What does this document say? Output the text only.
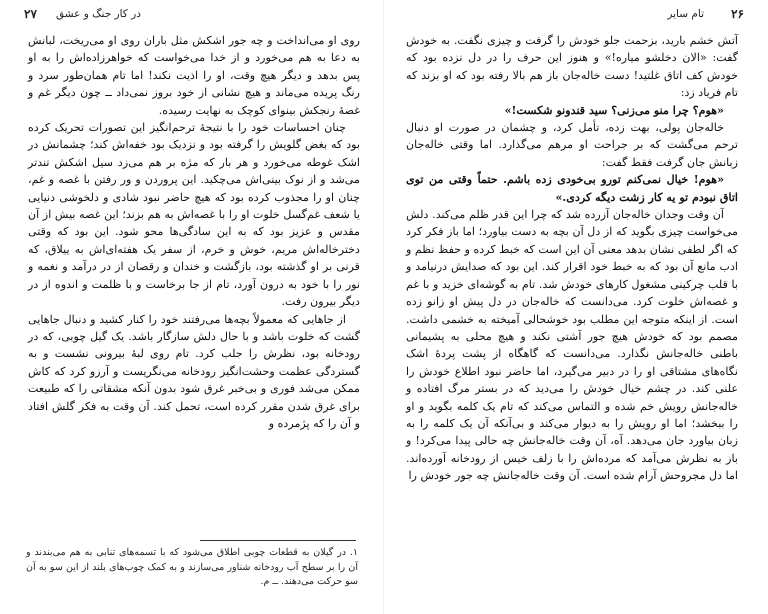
۲۷ در کار جنگ و عشق

روی او می‌انداخت و چه جور اشکش مثل باران روی او می‌ریخت، لبانش به دعا به هم می‌خورد و از خدا می‌خواست که خواهرزاده‌اش را به او پس بدهد و دیگر هیچ وقت، او را اذیت نکند! اما تام همان‌طور سرد و رنگ پریده می‌ماند و هیچ نشانی از خود بروز نمی‌داد ــ چون دیگر غم و غصهٔ رنجکش بینوای کوچک به نهایت رسیده.

چنان احساسات خود را با نتیجهٔ ترحم‌انگیز این تصورات تحریک کرده بود که بغض گلویش را گرفته بود و نزدیک بود خفه‌اش کند؛ چشمانش در اشک غوطه می‌خورد و هر بار که مژه بر هم می‌زد سیل اشکش تندتر می‌شد و از نوک بینی‌اش می‌چکید. این پروردن و ور رفتن با غصه و غم، چنان او را مجذوب کرده بود که هیچ حاضر نبود شادی و دلخوشی دنیایی یا شعف غم‌گسل خلوت او را با غصه‌اش به هم بزند؛ این غصه بیش از آن مقدس و عزیز بود که به این سادگی‌ها محو شود. این بود که وقتی دخترخاله‌اش مریم، خوش و خرم، از سفر یک هفته‌ای‌اش به ییلاق، که قرنی بر او گذشته بود، بازگشت و خندان و رقصان از در درآمد و نغمه و نور را با خود به درون آورد، تام از جا برخاست و با ظلمت و اندوه از در دیگر بیرون رفت.

از جاهایی که معمولاً بچه‌ها می‌رفتند خود را کنار کشید و دنبال جاهایی گشت که خلوت باشد و با حال دلش سازگار باشد. یک گیل چوبی، که در رودخانه بود، نظرش را جلب کرد. تام روی لبهٔ بیرونی نشست و به گستردگی عظمت وحشت‌انگیز رودخانه می‌نگریست و آرزو کرد که کاش ممکن می‌شد فوری و بی‌خبر غرق شود بدون آنکه مشقاتی را که طبیعت برای غرق شدن مقرر کرده است، تحمل کند. آن وقت به فکر گلش افتاد و آن را که پژمرده و

۱. در گیلان به قطعات چوبی اطلاق می‌شود که با تسمه‌های تنابی به هم می‌بندند و آن را بر سطح آب رودخانه شناور می‌سازند و به کمک چوب‌های بلند از این سو به آن سو حرکت می‌دهند. ــ م.
۲۶
تام سایر

آتش خشم بارید، بزحمت جلو خودش را گرفت و چیزی نگفت. به خودش گفت: «الان دخلشو میاره!» و هنوز این حرف را در دل نزده بود که خودش کف اتاق غلتید! دست خاله‌جان باز هم بالا رفته بود که او بزند که تام فریاد زد:

«هوم؟ چرا منو می‌زنی؟ سید قندونو شکست!»

خاله‌جان پولی، بهت زده، تأمل کرد، و چشمان در صورت او دنبال ترحم می‌گشت که بر جراحت او مرهم می‌گذارد. اما وقتی خاله‌جان زبانش جان گرفت فقط گفت:

«هوم! خیال نمی‌کنم تورو بی‌خودی زده باشم. حتماً وقتی من توی اتاق نبودم تو یه کار زشت دیگه کردی.»

آن وقت وجدان خاله‌جان آزرده شد که چرا این قدر ظلم می‌کند. دلش می‌خواست چیزی بگوید که از دل آن بچه به دست بیاورد؛ اما باز فکر کرد که اگر لطفی نشان بدهد معنی آن این است که خبط کرده و حفظ نظم و ادب مانع آن بود که به خبط خود اقرار کند. این بود که صدایش درنیامد و با قلب چرکینی مشغول کارهای خودش شد. تام به گوشه‌ای خزید و با غم و غصه‌اش خلوت کرد. می‌دانست که خاله‌جان در دل پیش او زانو زده است. از اینکه متوجه این مطلب بود خوشحالی آمیخته به خشمی داشت. مصمم بود که خودش هیچ جور آشتی نکند و هیچ محلی به پشیمانی باطنی خاله‌جانش نگذارد. می‌دانست که گاهگاه از پشت پردهٔ اشک نگاه‌های مشتاقی او را در دبیر می‌گیرد، اما حاضر نبود اطلاع خودش را علنی کند. در چشم خیال خودش را می‌دید که در بستر مرگ افتاده و خاله‌جانش رویش خم شده و التماس می‌کند که تام یک کلمه بگوید و او را ببخشد؛ اما او رویش را به دیوار می‌کند و بی‌آنکه آن یک کلمه را به زبان بیاورد جان می‌دهد. آه، آن وقت خاله‌جانش چه حالی پیدا می‌کرد! و باز به نظرش می‌آمد که مرده‌اش را با زلف خیس از رودخانه آورده‌اند. اما دل مجروحش آرام شده است. آن وقت خاله‌جانش چه جور خودش را
